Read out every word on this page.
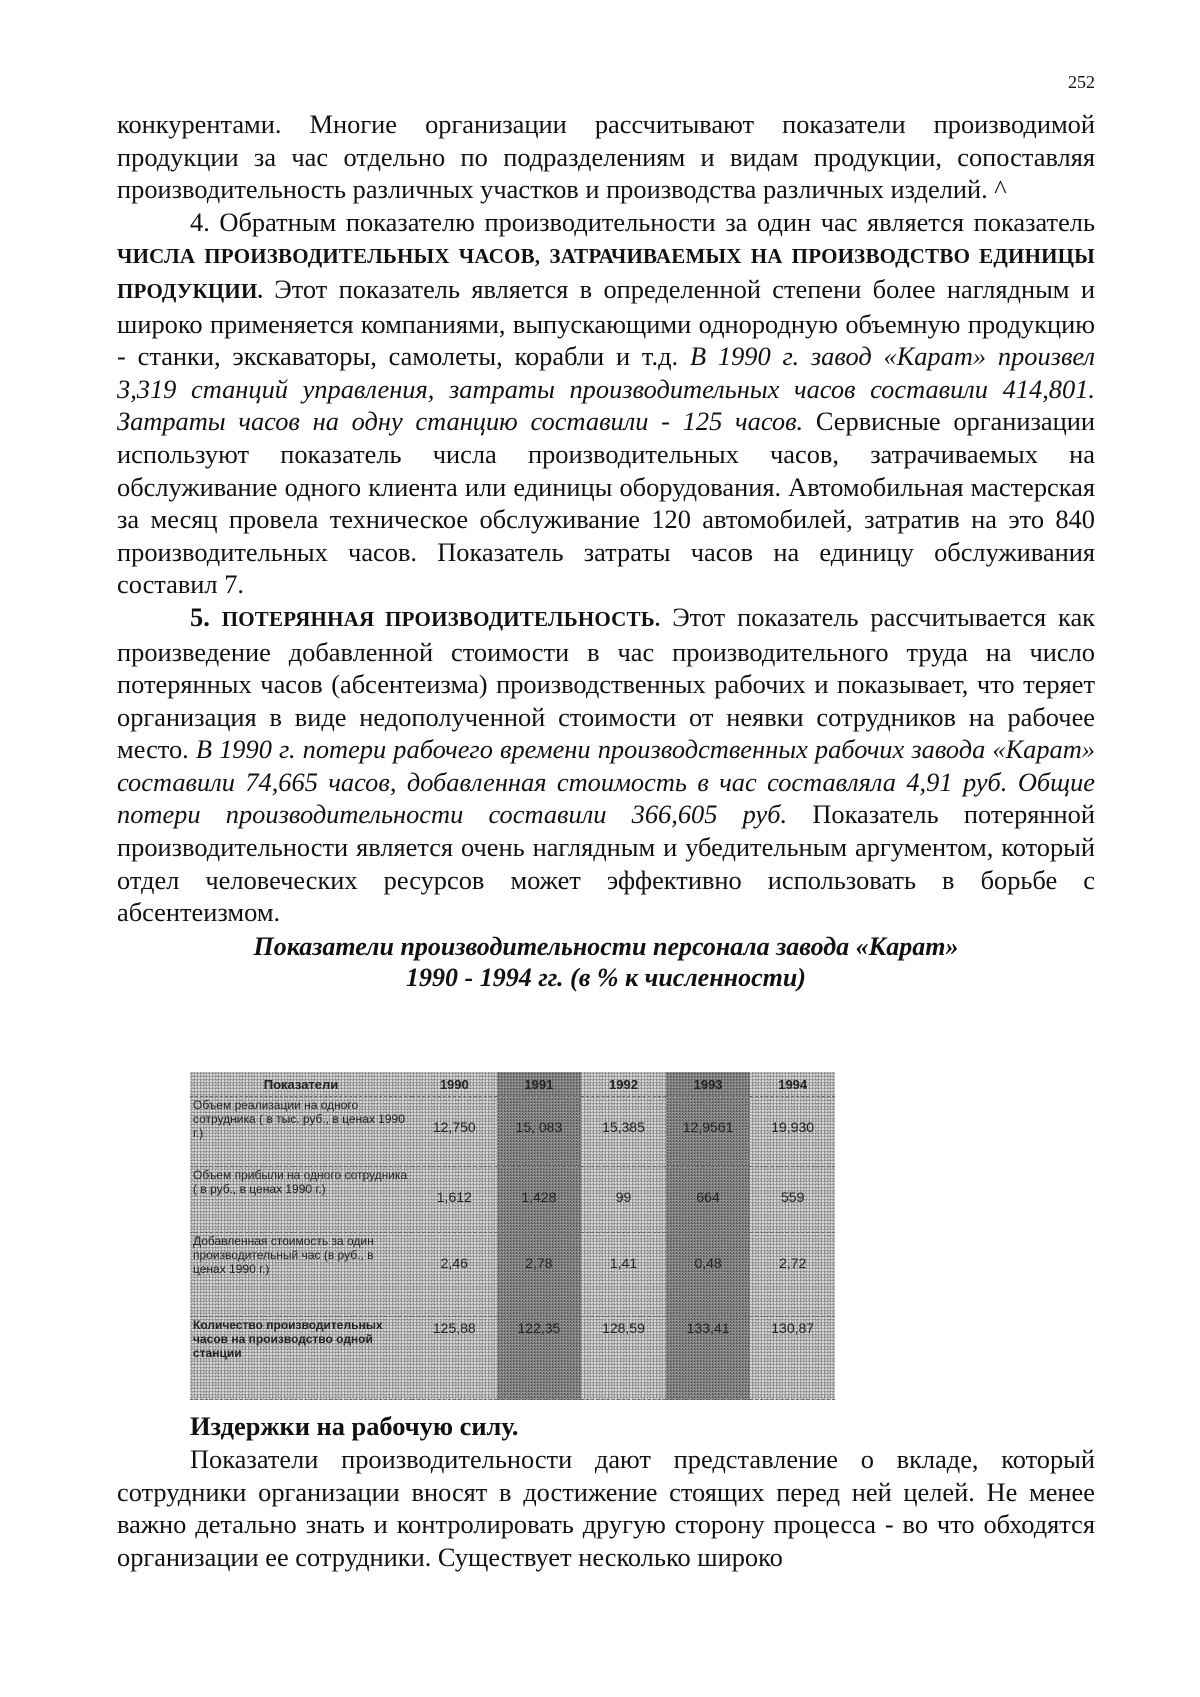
252

конкурентами. Многие организации рассчитывают показатели производимой продукции за час отдельно по подразделениям и видам продукции, сопоставляя производительность различных участков и производства различных изделий. ^

4. Обратным показателю производительности за один час является показатель ЧИСЛА ПРОИЗВОДИТЕЛЬНЫХ ЧАСОВ, ЗАТРАЧИВАЕМЫХ НА ПРОИЗВОДСТВО ЕДИНИЦЫ ПРОДУКЦИИ. Этот показатель является в определенной степени более наглядным и широко применяется компаниями, выпускающими однородную объемную продукцию - станки, экскаваторы, самолеты, корабли и т.д. В 1990 г. завод «Карат» произвел 3,319 станций управления, затраты производительных часов составили 414,801. Затраты часов на одну станцию составили - 125 часов. Сервисные организации используют показатель числа производительных часов, затрачиваемых на обслуживание одного клиента или единицы оборудования. Автомобильная мастерская за месяц провела техническое обслуживание 120 автомобилей, затратив на это 840 производительных часов. Показатель затраты часов на единицу обслуживания составил 7.

5. ПОТЕРЯННАЯ ПРОИЗВОДИТЕЛЬНОСТЬ. Этот показатель рассчитывается как произведение добавленной стоимости в час производительного труда на число потерянных часов (абсентеизма) производственных рабочих и показывает, что теряет организация в виде недополученной стоимости от неявки сотрудников на рабочее место. В 1990 г. потери рабочего времени производственных рабочих завода «Карат» составили 74,665 часов, добавленная стоимость в час составляла 4,91 руб. Общие потери производительности составили 366,605 руб. Показатель потерянной производительности является очень наглядным и убедительным аргументом, который отдел человеческих ресурсов может эффективно использовать в борьбе с абсентеизмом.

Показатели производительности персонала завода «Карат»

1990 - 1994 гг. (в % к численности)

Издержки на рабочую силу.

Показатели производительности дают представление о вкладе, который сотрудники организации вносят в достижение стоящих перед ней целей. Не менее важно детально знать и контролировать другую сторону процесса - во что обходятся организации ее сотрудники. Существует несколько широко

Показатели	1990	1991	1992	1993	1994
Объем реализации на одного сотрудника ( в тыс. руб., в ценах 1990 г.)	12,750	15, 083	15,385	12,9561	19,930
Объем прибыли на одного сотрудника ( в руб., в ценах 1990 г.)	1,612	1,428	99	664	559
Добавленная стоимость за один производительный час (в руб., в ценах 1990 г.)	2,46	2,78	1,41	0,48	2,72
Количество производительных часов на производство одной станции	125,88	122,35	128,59	133,41	130,87
